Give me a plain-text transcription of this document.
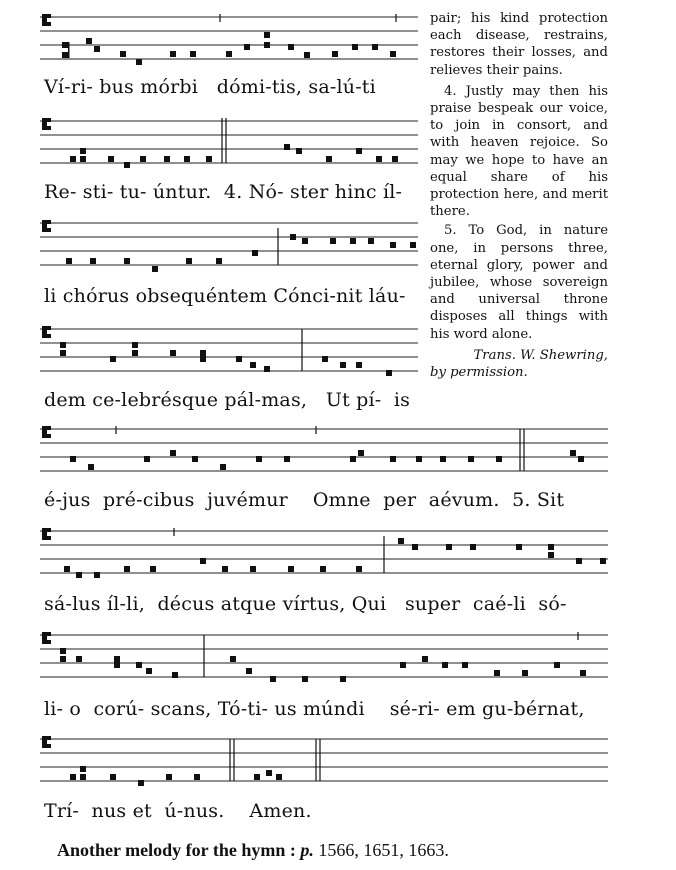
Ví-ri- bus mórbi   dómi-tis, sa-lú-ti
Re- sti- tu- úntur.  4. Nó- ster hinc íl-
li chórus obsequéntem Cónci-nit láu-
dem ce-lebrésque pál-mas,   Ut pí-  is
é-jus  pré-cibus  juvémur    Omne  per  aévum.  5. Sit
sá-lus íl-li,  décus atque vírtus, Qui   super  caé-li  só-
li- o  corú- scans, Tó-ti- us múndi    sé-ri- em gu-bérnat,
Trí-  nus et  ú-nus.    Amen.

pair; his kind protection each disease, restrains, restores their losses, and relieves their pains.

4. Justly may then his praise bespeak our voice, to join in consort, and with heaven rejoice. So may we hope to have an equal share of his protection here, and merit there.

5. To God, in nature one, in persons three, eternal glory, power and jubilee, whose sovereign and universal throne disposes all things with his word alone.

Trans. W. Shewring,
by permission.
Another melody for the hymn : p. 1566, 1651, 1663.
